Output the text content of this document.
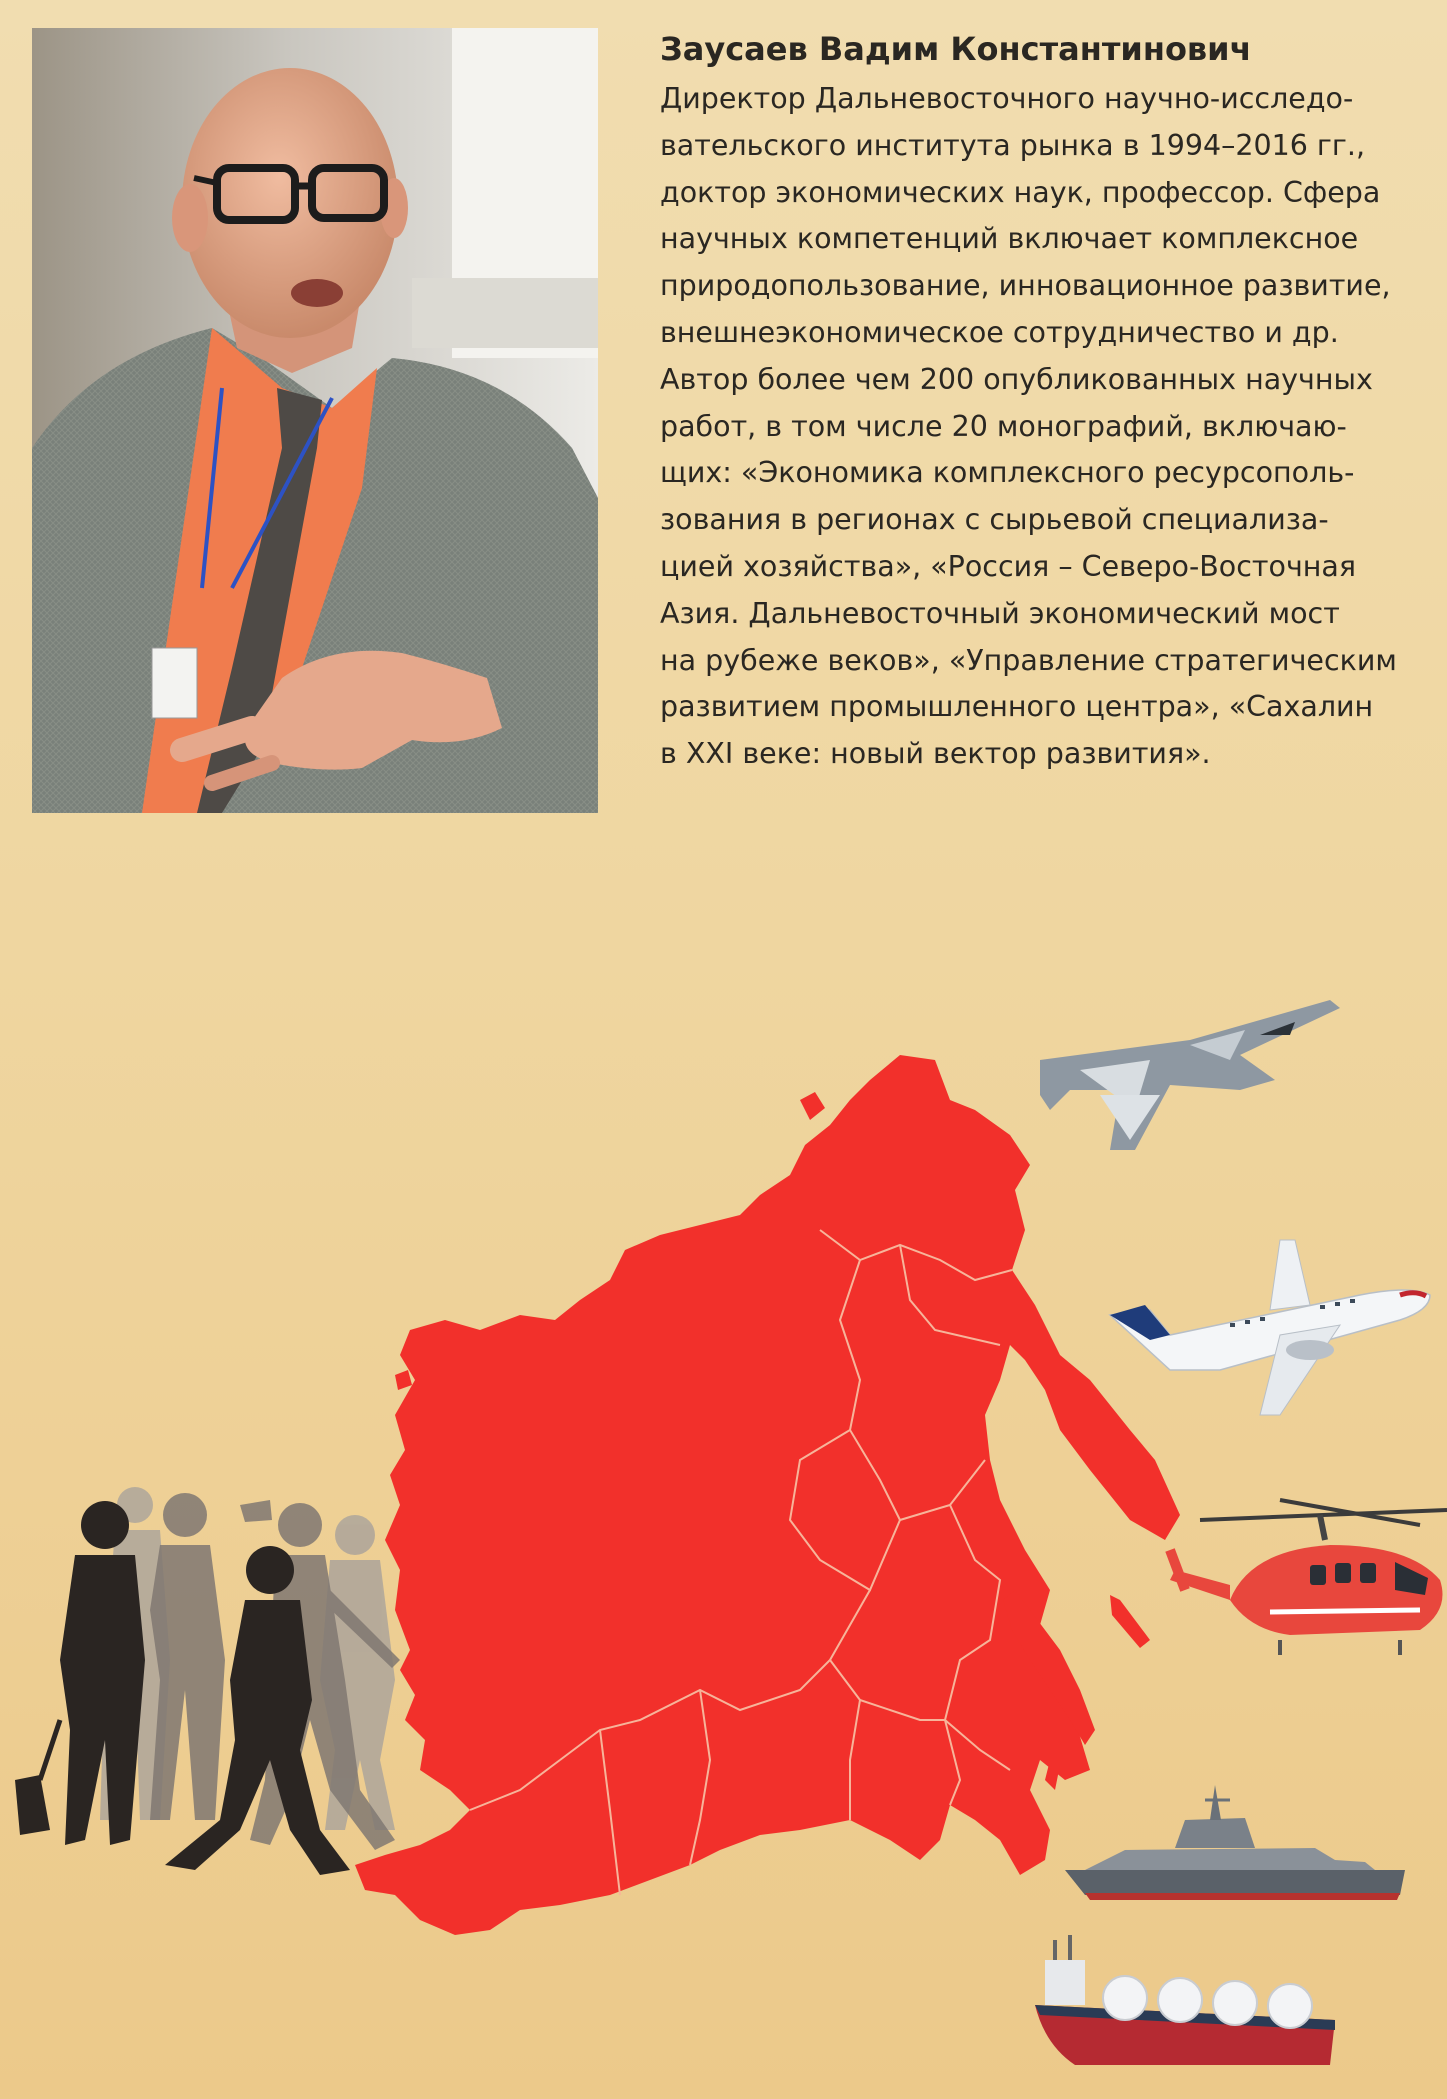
Заусаев Вадим Константинович

Директор Дальневосточного научно-исследо-
вательского института рынка в 1994–2016 гг.,
доктор экономических наук, профессор. Сфера
научных компетенций включает комплексное
природопользование, инновационное развитие,
внешнеэкономическое сотрудничество и др.
Автор более чем 200 опубликованных научных
работ, в том числе 20 монографий, включаю-
щих: «Экономика комплексного ресурсополь-
зования в регионах с сырьевой специализа-
цией хозяйства», «Россия – Северо-Восточная
Азия. Дальневосточный экономический мост
на рубеже веков», «Управление стратегическим
развитием промышленного центра», «Сахалин
в XXI веке: новый вектор развития».
